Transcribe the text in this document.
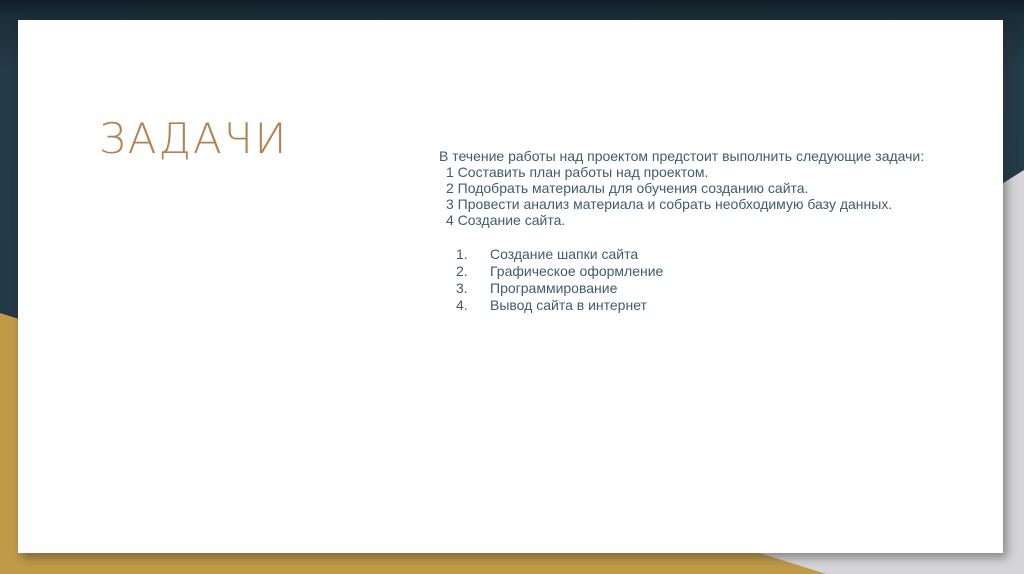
ЗАДАЧИ	В течение работы над проектом предстоит выполнить следующие задачи:

1 Составить план работы над проектом.

2 Подобрать материалы для обучения созданию сайта.

3 Провести анализ материала и собрать необходимую базу данных.

4 Создание сайта.

1.	Создание шапки сайта
2.	Графическое оформление
3.	Программирование
4.	Вывод сайта в интернет
